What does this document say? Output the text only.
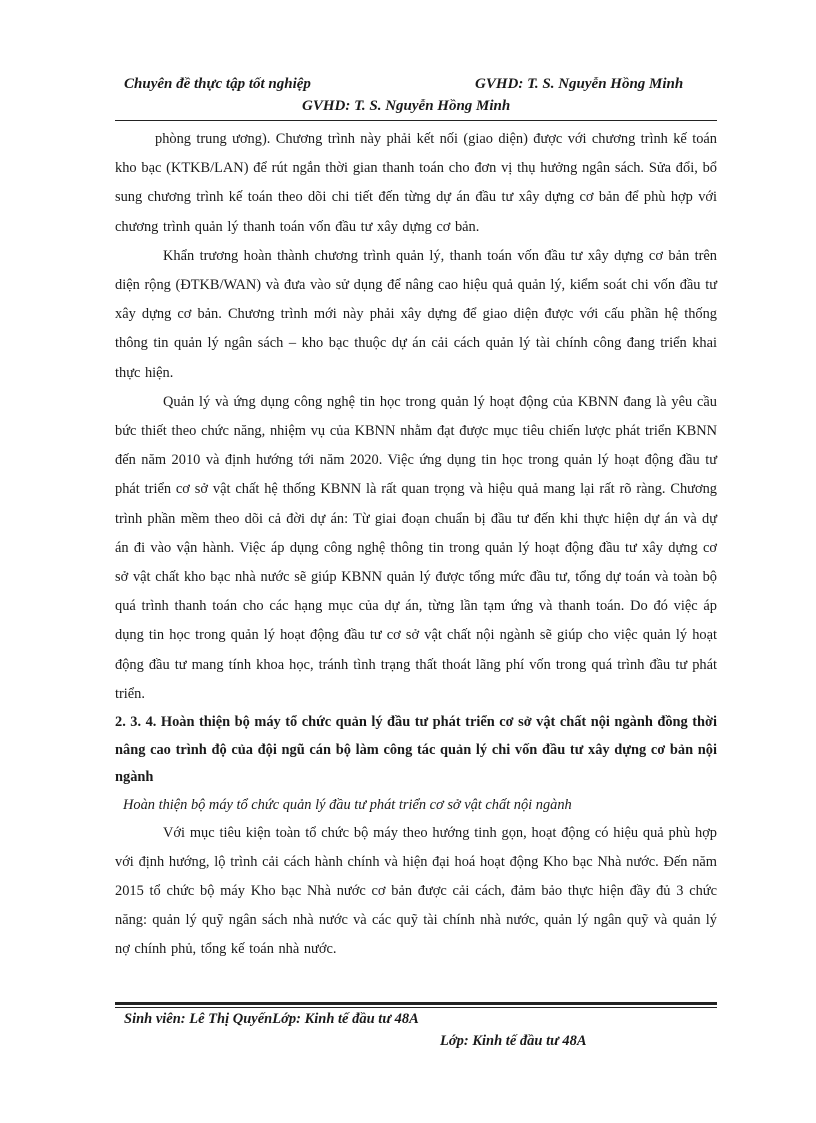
Chuyên đề thực tập tốt nghiệp	GVHD: T. S. Nguyễn Hồng Minh
GVHD: T. S. Nguyễn Hồng Minh

phòng trung ương). Chương trình này phải kết nối (giao diện) được với chương trình kế toán kho bạc (KTKB/LAN) để rút ngắn thời gian thanh toán cho đơn vị thụ hưởng ngân sách. Sửa đổi, bổ sung chương trình kế toán theo dõi chi tiết đến từng dự án đầu tư xây dựng cơ bản để phù hợp với chương trình quản lý thanh toán vốn đầu tư xây dựng cơ bản.

Khẩn trương hoàn thành chương trình quản lý, thanh toán vốn đầu tư xây dựng cơ bản trên diện rộng (ĐTKB/WAN) và đưa vào sử dụng để nâng cao hiệu quả quản lý, kiểm soát chi vốn đầu tư xây dựng cơ bản. Chương trình mới này phải xây dựng để giao diện được với cấu phần hệ thống thông tin quản lý ngân sách – kho bạc thuộc dự án cải cách quản lý tài chính công đang triển khai thực hiện.

Quản lý và ứng dụng công nghệ tin học trong quản lý hoạt động của KBNN đang là yêu cầu bức thiết theo chức năng, nhiệm vụ của KBNN nhằm đạt được mục tiêu chiến lược phát triển KBNN đến năm 2010 và định hướng tới năm 2020. Việc ứng dụng tin học trong quản lý hoạt động đầu tư phát triển cơ sở vật chất hệ thống KBNN là rất quan trọng và hiệu quả mang lại rất rõ ràng. Chương trình phần mềm theo dõi cả đời dự án: Từ giai đoạn chuẩn bị đầu tư đến khi thực hiện dự án và dự án đi vào vận hành. Việc áp dụng công nghệ thông tin trong quản lý hoạt động đầu tư xây dựng cơ sở vật chất kho bạc nhà nước sẽ giúp KBNN quản lý được tổng mức đầu tư, tổng dự toán và toàn bộ quá trình thanh toán cho các hạng mục của dự án, từng lần tạm ứng và thanh toán. Do đó việc áp dụng tin học trong quản lý hoạt động đầu tư cơ sở vật chất nội ngành sẽ giúp cho việc quản lý hoạt động đầu tư mang tính khoa học, tránh tình trạng thất thoát lãng phí vốn trong quá trình đầu tư phát triển.

2. 3. 4. Hoàn thiện bộ máy tổ chức quản lý đầu tư phát triển cơ sở vật chất nội ngành đồng thời nâng cao trình độ của đội ngũ cán bộ làm công tác quản lý chi vốn đầu tư xây dựng cơ bản nội ngành

Hoàn thiện bộ máy tổ chức quản lý đầu tư phát triển cơ sở vật chất nội ngành

Với mục tiêu kiện toàn tổ chức bộ máy theo hướng tinh gọn, hoạt động có hiệu quả phù hợp với định hướng, lộ trình cải cách hành chính và hiện đại hoá hoạt động Kho bạc Nhà nước. Đến năm 2015 tổ chức bộ máy Kho bạc Nhà nước cơ bản được cải cách, đảm bảo thực hiện đầy đủ 3 chức năng: quản lý quỹ ngân sách nhà nước và các quỹ tài chính nhà nước, quản lý ngân quỹ và quản lý nợ chính phủ, tổng kế toán nhà nước.

Sinh viên: Lê Thị QuyếnLớp: Kinh tế đầu tư 48A
Lớp: Kinh tế đầu tư 48A
